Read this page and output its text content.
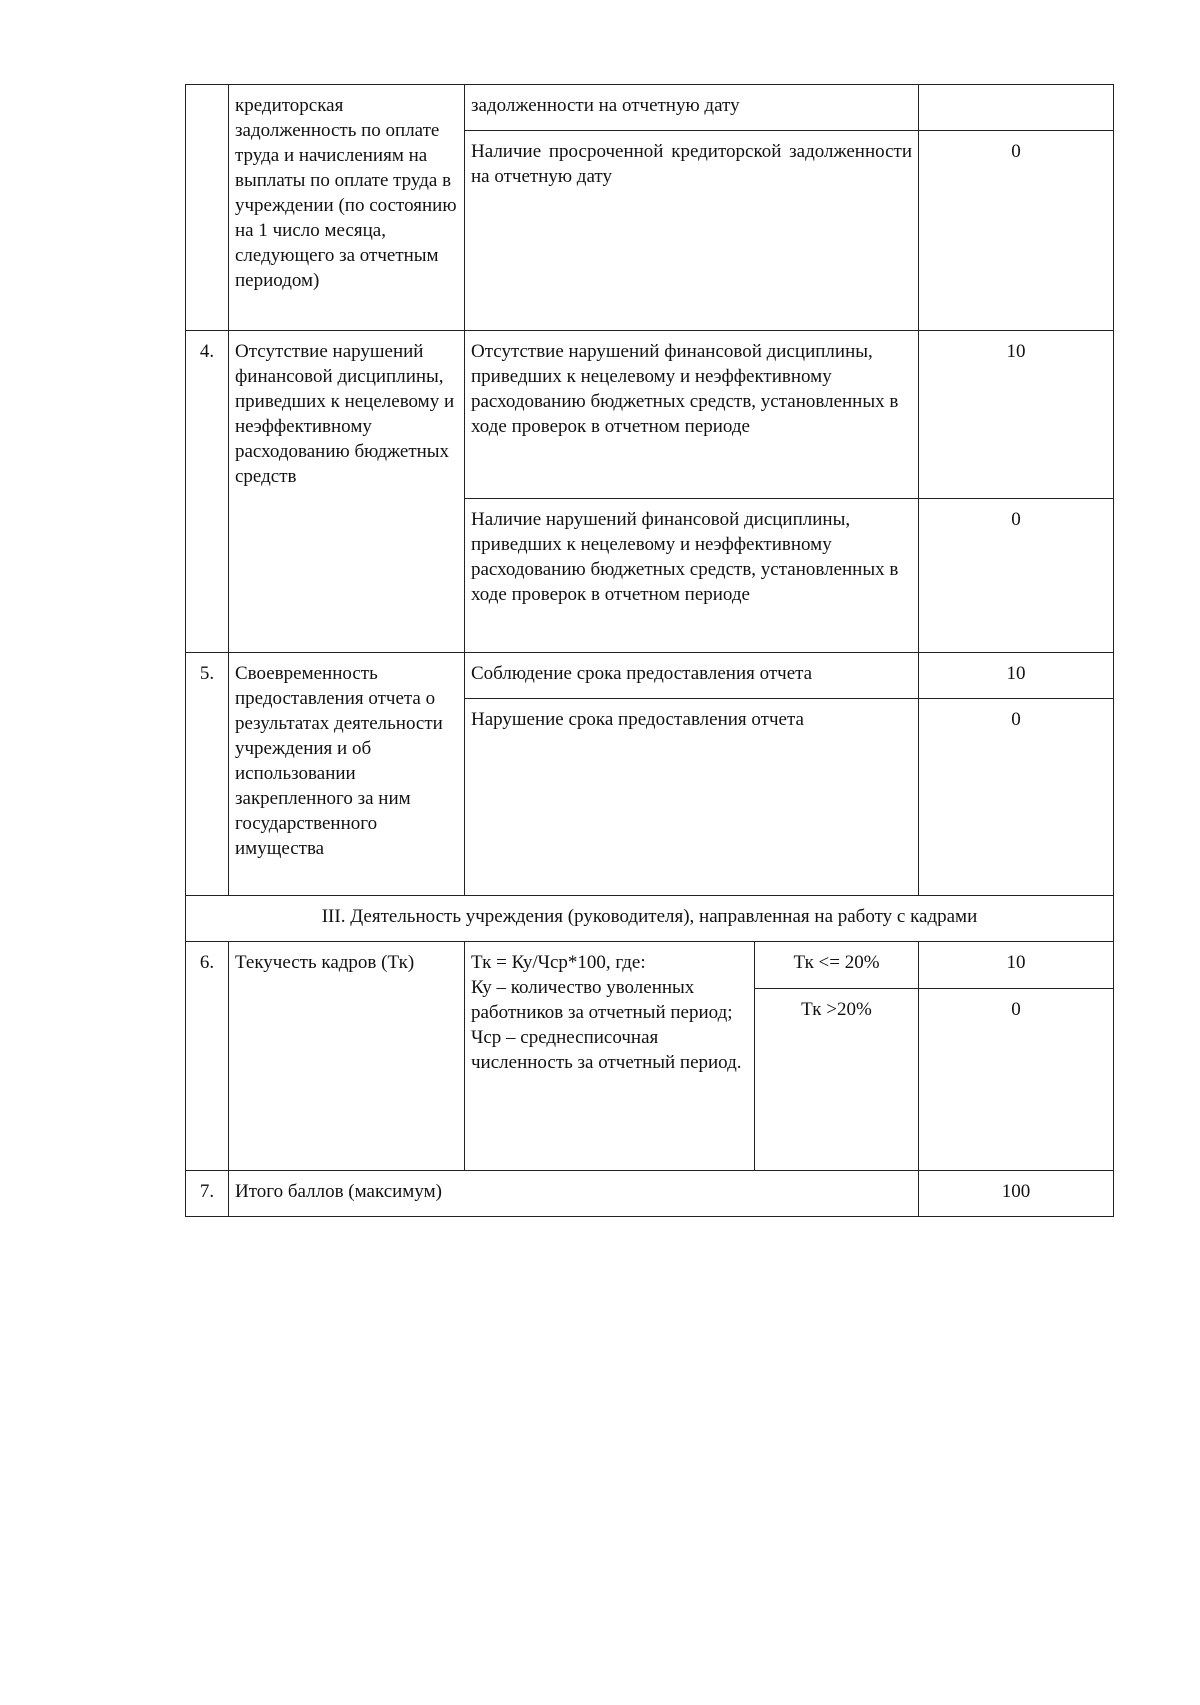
	кредиторская задолженность по оплате труда и начислениям на выплаты по оплате труда в учреждении (по состоянию на 1 число месяца, следующего за отчетным периодом)	задолженности на отчетную дату		
		Наличие просроченной кредиторской задолженности на отчетную дату		0
4.	Отсутствие нарушений финансовой дисциплины, приведших к нецелевому и неэффективному расходованию бюджетных средств	Отсутствие нарушений финансовой дисциплины, приведших к нецелевому и неэффективному расходованию бюджетных средств, установленных в ходе проверок в отчетном периоде		10
		Наличие нарушений финансовой дисциплины, приведших к нецелевому и неэффективному расходованию бюджетных средств, установленных в ходе проверок в отчетном периоде		0
5.	Своевременность предоставления отчета о результатах деятельности учреждения и об использовании закрепленного за ним государственного имущества	Соблюдение срока предоставления отчета		10
		Нарушение срока предоставления отчета		0
III. Деятельность учреждения (руководителя), направленная на работу с кадрами				
6.	Текучесть кадров (Тк)	Тк = Ку/Чср*100, где:
Ку – количество уволенных работников за отчетный период;
Чср – среднесписочная численность за отчетный период.	Тк <= 20%	10
			Тк >20%	0
7.	Итого баллов (максимум)			100
